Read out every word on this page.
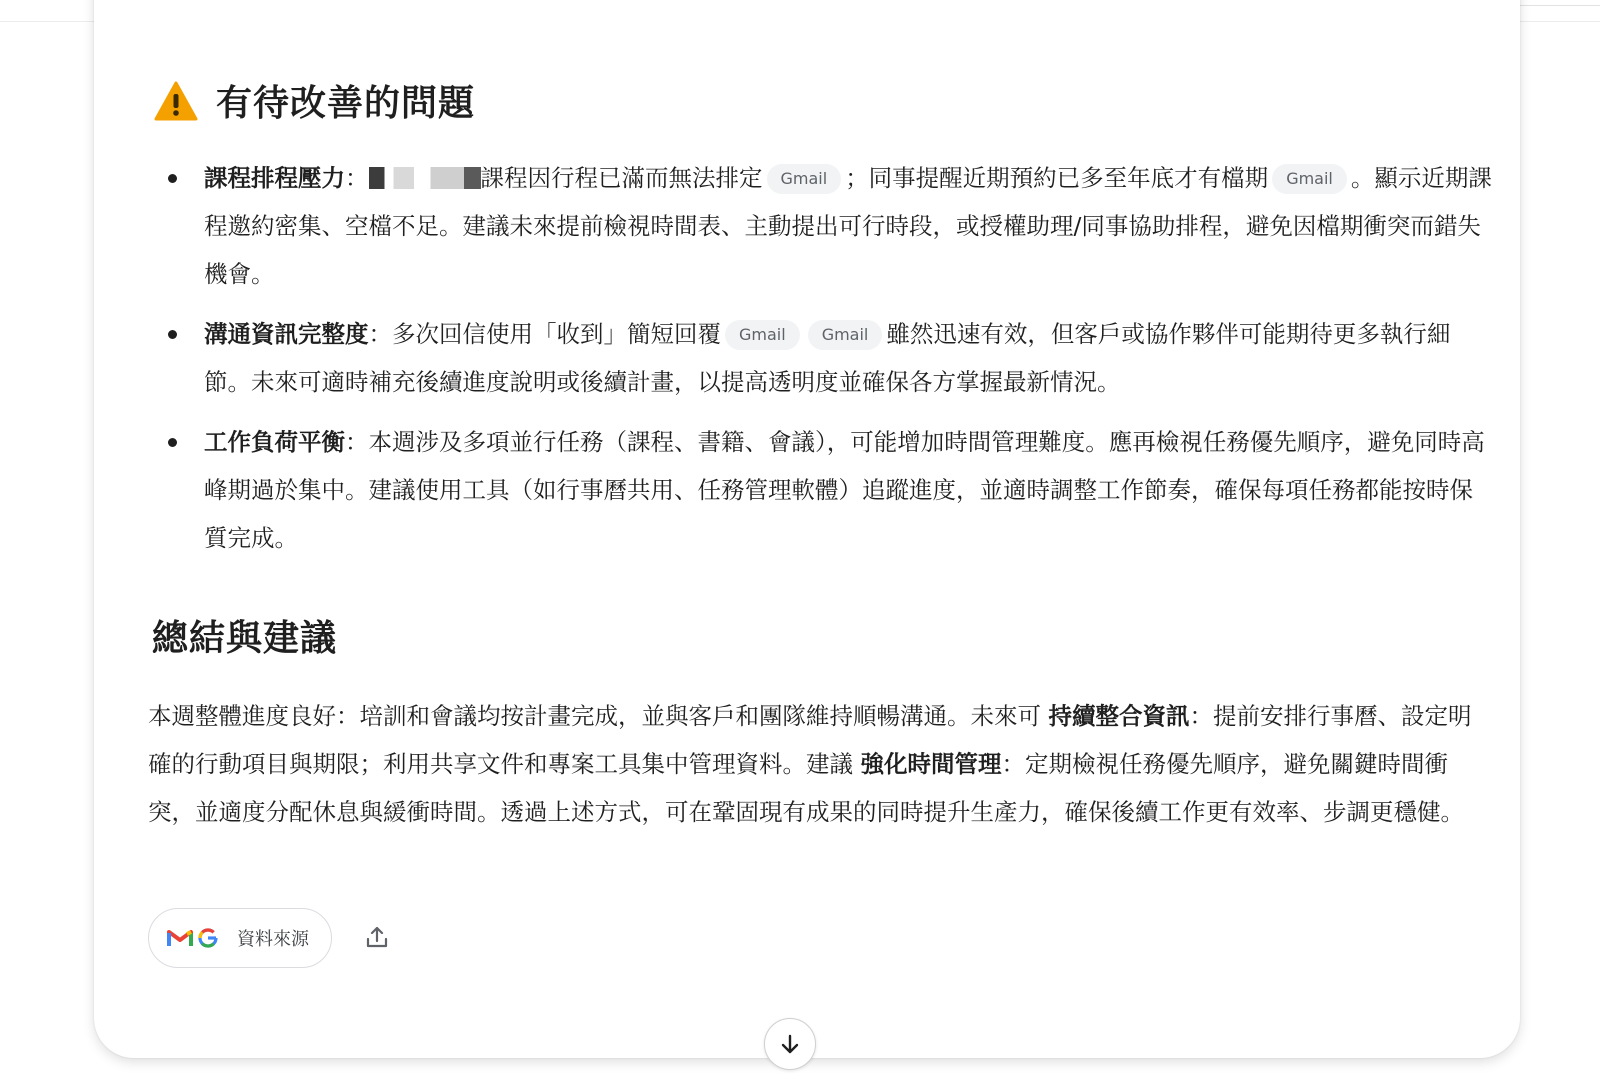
有待改善的問題
課程排程壓力：	課程因行程已滿而無法排定 Gmail ；同事提醒近期預約已多至年底才有檔期 Gmail 。顯示近期課程邀約密集、空檔不足。建議未來提前檢視時間表、主動提出可行時段，或授權助理/同事協助排程，避免因檔期衝突而錯失機會。
溝通資訊完整度：多次回信使用「收到」簡短回覆 Gmail Gmail 雖然迅速有效，但客戶或協作夥伴可能期待更多執行細節。未來可適時補充後續進度說明或後續計畫，以提高透明度並確保各方掌握最新情況。
工作負荷平衡：本週涉及多項並行任務（課程、書籍、會議），可能增加時間管理難度。應再檢視任務優先順序，避免同時高峰期過於集中。建議使用工具（如行事曆共用、任務管理軟體）追蹤進度，並適時調整工作節奏，確保每項任務都能按時保質完成。
總結與建議

本週整體進度良好：培訓和會議均按計畫完成，並與客戶和團隊維持順暢溝通。未來可 持續整合資訊：提前安排行事曆、設定明確的行動項目與期限；利用共享文件和專案工具集中管理資料。建議 強化時間管理：定期檢視任務優先順序，避免關鍵時間衝突，並適度分配休息與緩衝時間。透過上述方式，可在鞏固現有成果的同時提升生產力，確保後續工作更有效率、步調更穩健。

資料來源
